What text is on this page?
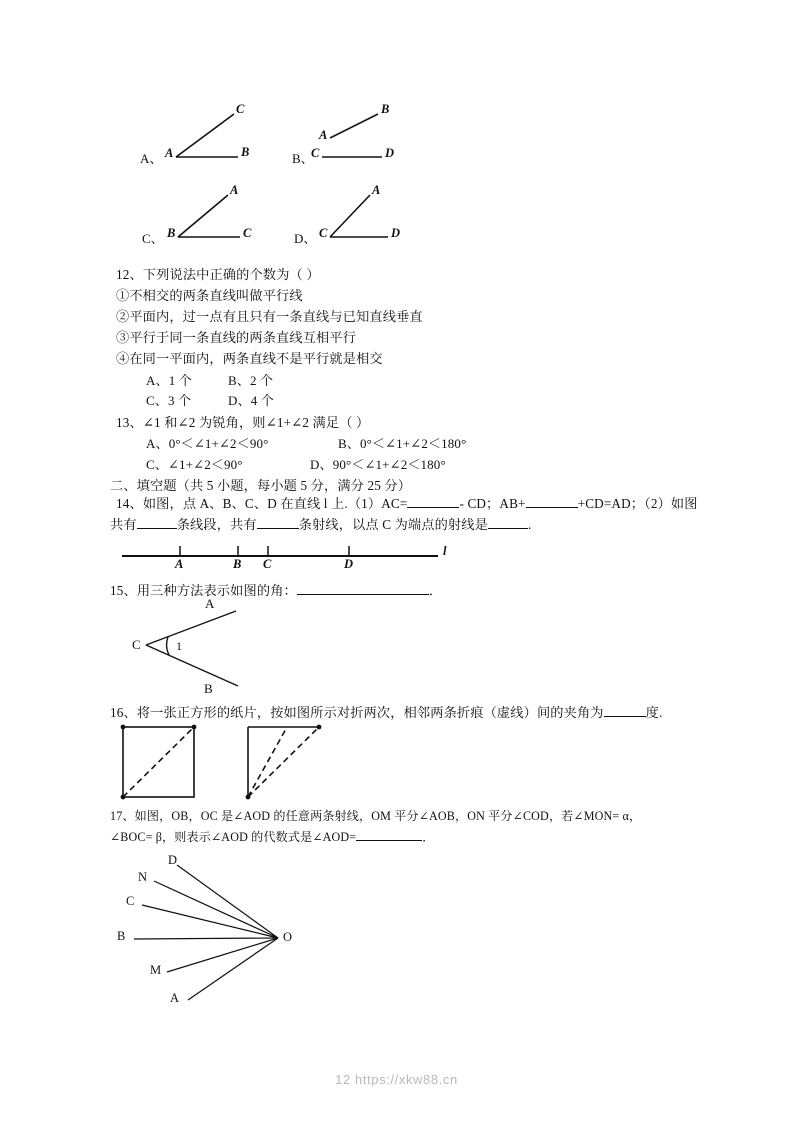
A、 A	B
C
B、
A
B
C	D
C、 B	C
A
D、 C	D
A
12、下列说法中正确的个数为（ ）
①不相交的两条直线叫做平行线
②平面内，过一点有且只有一条直线与已知直线垂直
③平行于同一条直线的两条直线互相平行
④在同一平面内，两条直线不是平行就是相交
A、1 个	B、2 个
C、3 个	D、4 个
13、∠1 和∠2 为锐角，则∠1+∠2 满足（ ）
A、0°＜∠1+∠2＜90°	B、0°＜∠1+∠2＜180°
C、∠1+∠2＜90°	D、90°＜∠1+∠2＜180°
二、填空题（共 5 小题，每小题 5 分，满分 25 分）
14、如图，点 A、B、C、D 在直线 l 上.（1）AC=	- CD；AB+	+CD=AD；（2）如图
共有	条线段，共有	条射线，以点 C 为端点的射线是	.
A	B C	D
l
15、用三种方法表示如图的角：	．
C
A
B
1
16、将一张正方形的纸片，按如图所示对折两次，相邻两条折痕（虚线）间的夹角为	度.
17、如图，OB，OC 是∠AOD 的任意两条射线，OM 平分∠AOB，ON 平分∠COD，若∠MON= α，
∠BOC= β，则表示∠AOD 的代数式是∠AOD=	．
O
D
N
C
B
M
A
12 https://xkw88.cn
